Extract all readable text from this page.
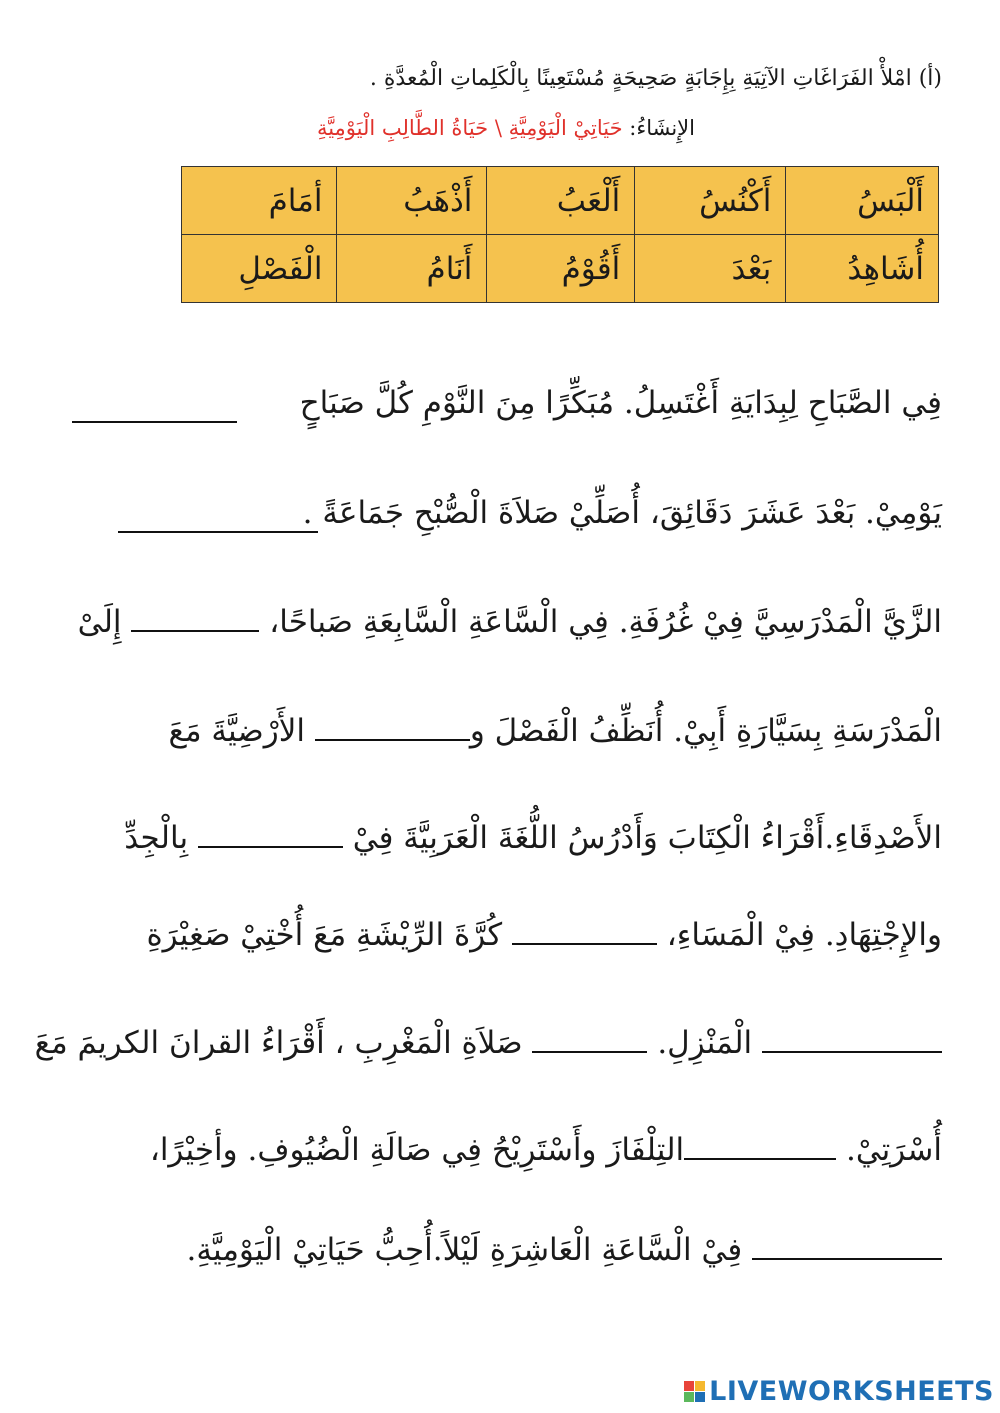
(أ) امْلأْ الفَرَاغَاتِ الآتِيَةِ بِإِجَابَةٍ صَحِيحَةٍ مُسْتَعِينًا بِالْكَلِماتِ الْمُعدَّةِ .
الإِنشَاءُ: حَيَاتِيْ الْيَوْمِيَّةِ \ حَيَاةُ الطَّالِبِ الْيَوْمِيَّةِ
أَلْبَسُ	أَكْنُسُ	أَلْعَبُ	أَذْهَبُ	أمَامَ
أُشَاهِدُ	بَعْدَ	أَقُوْمُ	أَنَامُ	الْفَصْلِ
فِي الصَّبَاحِ لِبِدَايَةِ أَغْتَسِلُ. مُبَكِّرًا مِنَ النَّوْمِ كُلَّ صَبَاحٍ
يَوْمِيْ. بَعْدَ عَشَرَ دَقَائِقَ، أُصَلِّيْ صَلاَةَ الْصُّبْحِ جَمَاعَةً .
الزَّيَّ الْمَدْرَسِيَّ فِيْ غُرُفَةِ. فِي الْسَّاعَةِ الْسَّابِعَةِ صَباحًا،  إِلَىْ
الْمَدْرَسَةِ بِسَيَّارَةِ أَبِيْ. أُنَظِّفُ الْفَصْلَ و الأَرْضِيَّةَ مَعَ
الأَصْدِقَاءِ.أَقْرَاءُ الْكِتَابَ وَأَدْرُسُ اللُّغَةَ الْعَرَبِيَّةَ فِيْ  بِالْجِدِّ
والإِجْتِهَادِ. فِيْ الْمَسَاءِ،  كُرَّةَ الرِّيْشَةِ مَعَ أُخْتِيْ صَغِيْرَةِ
الْمَنْزِلِ.  صَلاَةِ الْمَغْرِبِ ، أَقْرَاءُ القرانَ الكريمَ مَعَ
أُسْرَتِيْ. التِلْفَازَ وأَسْتَرِيْحُ فِي صَالَةِ الْضُيُوفِ. وأخِيْرًا،
فِيْ الْسَّاعَةِ الْعَاشِرَةِ لَيْلاً.أُحِبُّ حَيَاتِيْ الْيَوْمِيَّةِ.
LIVEWORKSHEETS
